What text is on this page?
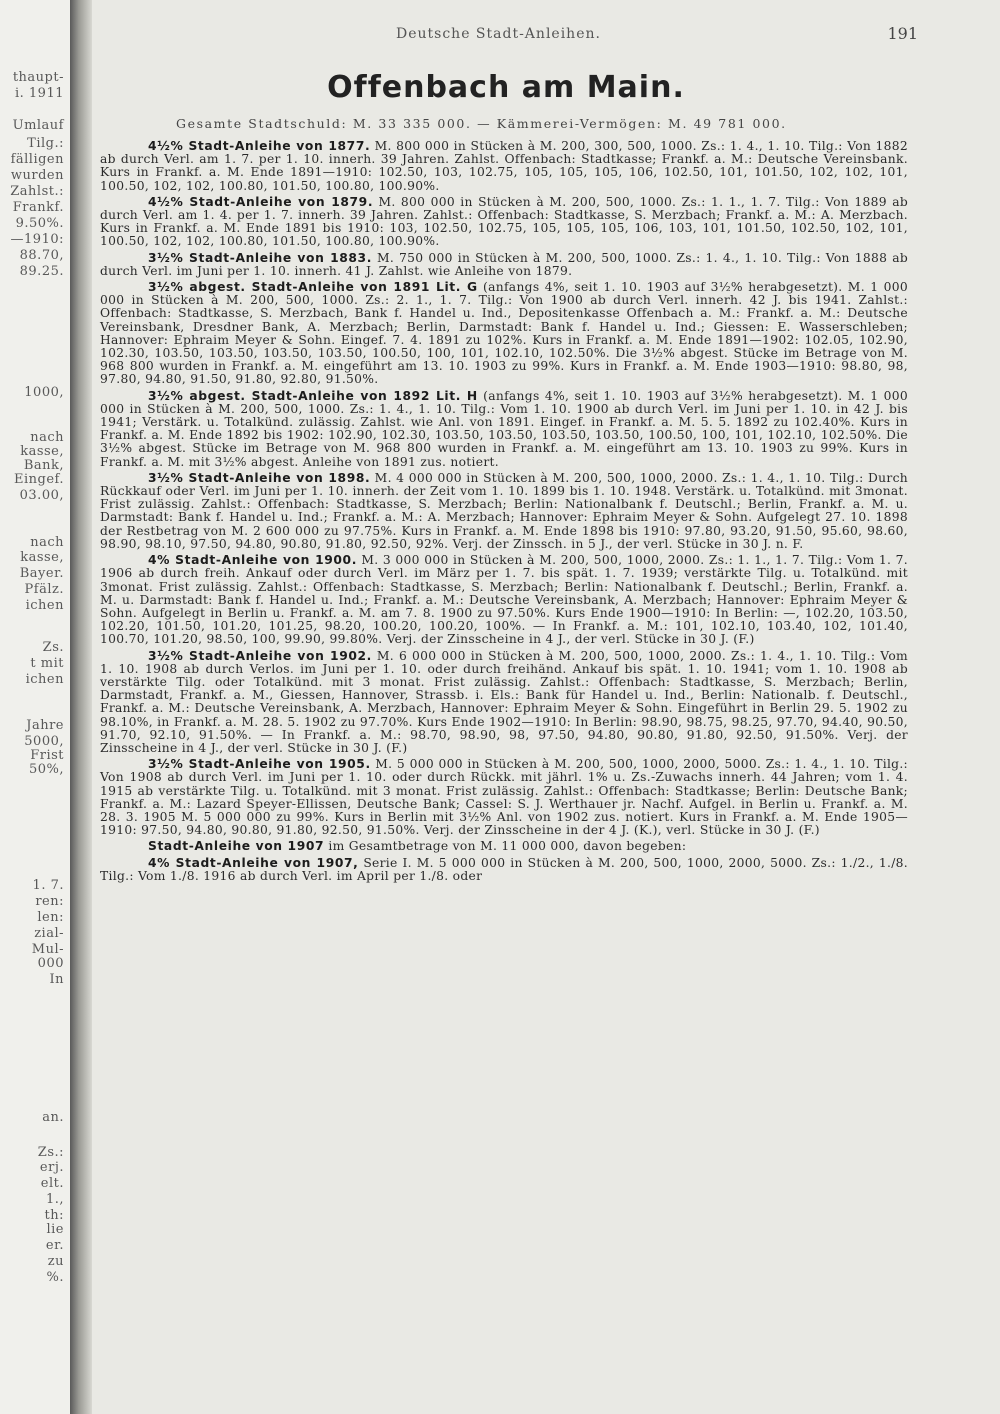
thaupt-
i. 1911
Umlauf
Tilg.:
fälligen
wurden
Zahlst.:
Frankf.
9.50%.
—1910:
88.70,
89.25.
1000,
nach
kasse,
Bank,
Eingef.
03.00,
nach
kasse,
Bayer.
Pfälz.
ichen
Zs.
t mit
ichen
Jahre
5000,
Frist
50%,
1. 7.
ren:
len:
zial-
Mul-
000
In
an.
Zs.:
erj.
elt.
1.,
th:
lie
er.
zu
%.
Deutsche Stadt-Anleihen.	191
Offenbach am Main.
Gesamte Stadtschuld: M. 33 335 000. — Kämmerei-Vermögen: M. 49 781 000.

4½% Stadt-Anleihe von 1877. M. 800 000 in Stücken à M. 200, 300, 500, 1000. Zs.: 1. 4., 1. 10. Tilg.: Von 1882 ab durch Verl. am 1. 7. per 1. 10. innerh. 39 Jahren. Zahlst. Offenbach: Stadtkasse; Frankf. a. M.: Deutsche Vereinsbank. Kurs in Frankf. a. M. Ende 1891—1910: 102.50, 103, 102.75, 105, 105, 105, 106, 102.50, 101, 101.50, 102, 102, 101, 100.50, 102, 102, 100.80, 101.50, 100.80, 100.90%.

4½% Stadt-Anleihe von 1879. M. 800 000 in Stücken à M. 200, 500, 1000. Zs.: 1. 1., 1. 7. Tilg.: Von 1889 ab durch Verl. am 1. 4. per 1. 7. innerh. 39 Jahren. Zahlst.: Offenbach: Stadtkasse, S. Merzbach; Frankf. a. M.: A. Merzbach. Kurs in Frankf. a. M. Ende 1891 bis 1910: 103, 102.50, 102.75, 105, 105, 105, 106, 103, 101, 101.50, 102.50, 102, 101, 100.50, 102, 102, 100.80, 101.50, 100.80, 100.90%.

3½% Stadt-Anleihe von 1883. M. 750 000 in Stücken à M. 200, 500, 1000. Zs.: 1. 4., 1. 10. Tilg.: Von 1888 ab durch Verl. im Juni per 1. 10. innerh. 41 J. Zahlst. wie Anleihe von 1879.

3½% abgest. Stadt-Anleihe von 1891 Lit. G (anfangs 4%, seit 1. 10. 1903 auf 3½% herabgesetzt). M. 1 000 000 in Stücken à M. 200, 500, 1000. Zs.: 2. 1., 1. 7. Tilg.: Von 1900 ab durch Verl. innerh. 42 J. bis 1941. Zahlst.: Offenbach: Stadtkasse, S. Merzbach, Bank f. Handel u. Ind., Depositenkasse Offenbach a. M.: Frankf. a. M.: Deutsche Vereinsbank, Dresdner Bank, A. Merzbach; Berlin, Darmstadt: Bank f. Handel u. Ind.; Giessen: E. Wasserschleben; Hannover: Ephraim Meyer & Sohn. Eingef. 7. 4. 1891 zu 102%. Kurs in Frankf. a. M. Ende 1891—1902: 102.05, 102.90, 102.30, 103.50, 103.50, 103.50, 103.50, 100.50, 100, 101, 102.10, 102.50%. Die 3½% abgest. Stücke im Betrage von M. 968 800 wurden in Frankf. a. M. eingeführt am 13. 10. 1903 zu 99%. Kurs in Frankf. a. M. Ende 1903—1910: 98.80, 98, 97.80, 94.80, 91.50, 91.80, 92.80, 91.50%.

3½% abgest. Stadt-Anleihe von 1892 Lit. H (anfangs 4%, seit 1. 10. 1903 auf 3½% herabgesetzt). M. 1 000 000 in Stücken à M. 200, 500, 1000. Zs.: 1. 4., 1. 10. Tilg.: Vom 1. 10. 1900 ab durch Verl. im Juni per 1. 10. in 42 J. bis 1941; Verstärk. u. Totalkünd. zulässig. Zahlst. wie Anl. von 1891. Eingef. in Frankf. a. M. 5. 5. 1892 zu 102.40%. Kurs in Frankf. a. M. Ende 1892 bis 1902: 102.90, 102.30, 103.50, 103.50, 103.50, 103.50, 100.50, 100, 101, 102.10, 102.50%. Die 3½% abgest. Stücke im Betrage von M. 968 800 wurden in Frankf. a. M. eingeführt am 13. 10. 1903 zu 99%. Kurs in Frankf. a. M. mit 3½% abgest. Anleihe von 1891 zus. notiert.

3½% Stadt-Anleihe von 1898. M. 4 000 000 in Stücken à M. 200, 500, 1000, 2000. Zs.: 1. 4., 1. 10. Tilg.: Durch Rückkauf oder Verl. im Juni per 1. 10. innerh. der Zeit vom 1. 10. 1899 bis 1. 10. 1948. Verstärk. u. Totalkünd. mit 3monat. Frist zulässig. Zahlst.: Offenbach: Stadtkasse, S. Merzbach; Berlin: Nationalbank f. Deutschl.; Berlin, Frankf. a. M. u. Darmstadt: Bank f. Handel u. Ind.; Frankf. a. M.: A. Merzbach; Hannover: Ephraim Meyer & Sohn. Aufgelegt 27. 10. 1898 der Restbetrag von M. 2 600 000 zu 97.75%. Kurs in Frankf. a. M. Ende 1898 bis 1910: 97.80, 93.20, 91.50, 95.60, 98.60, 98.90, 98.10, 97.50, 94.80, 90.80, 91.80, 92.50, 92%. Verj. der Zinssch. in 5 J., der verl. Stücke in 30 J. n. F.

4% Stadt-Anleihe von 1900. M. 3 000 000 in Stücken à M. 200, 500, 1000, 2000. Zs.: 1. 1., 1. 7. Tilg.: Vom 1. 7. 1906 ab durch freih. Ankauf oder durch Verl. im März per 1. 7. bis spät. 1. 7. 1939; verstärkte Tilg. u. Totalkünd. mit 3monat. Frist zulässig. Zahlst.: Offenbach: Stadtkasse, S. Merzbach; Berlin: Nationalbank f. Deutschl.; Berlin, Frankf. a. M. u. Darmstadt: Bank f. Handel u. Ind.; Frankf. a. M.: Deutsche Vereinsbank, A. Merzbach; Hannover: Ephraim Meyer & Sohn. Aufgelegt in Berlin u. Frankf. a. M. am 7. 8. 1900 zu 97.50%. Kurs Ende 1900—1910: In Berlin: —, 102.20, 103.50, 102.20, 101.50, 101.20, 101.25, 98.20, 100.20, 100.20, 100%. — In Frankf. a. M.: 101, 102.10, 103.40, 102, 101.40, 100.70, 101.20, 98.50, 100, 99.90, 99.80%. Verj. der Zinsscheine in 4 J., der verl. Stücke in 30 J. (F.)

3½% Stadt-Anleihe von 1902. M. 6 000 000 in Stücken à M. 200, 500, 1000, 2000. Zs.: 1. 4., 1. 10. Tilg.: Vom 1. 10. 1908 ab durch Verlos. im Juni per 1. 10. oder durch freihänd. Ankauf bis spät. 1. 10. 1941; vom 1. 10. 1908 ab verstärkte Tilg. oder Totalkünd. mit 3 monat. Frist zulässig. Zahlst.: Offenbach: Stadtkasse, S. Merzbach; Berlin, Darmstadt, Frankf. a. M., Giessen, Hannover, Strassb. i. Els.: Bank für Handel u. Ind., Berlin: Nationalb. f. Deutschl., Frankf. a. M.: Deutsche Vereinsbank, A. Merzbach, Hannover: Ephraim Meyer & Sohn. Eingeführt in Berlin 29. 5. 1902 zu 98.10%, in Frankf. a. M. 28. 5. 1902 zu 97.70%. Kurs Ende 1902—1910: In Berlin: 98.90, 98.75, 98.25, 97.70, 94.40, 90.50, 91.70, 92.10, 91.50%. — In Frankf. a. M.: 98.70, 98.90, 98, 97.50, 94.80, 90.80, 91.80, 92.50, 91.50%. Verj. der Zinsscheine in 4 J., der verl. Stücke in 30 J. (F.)

3½% Stadt-Anleihe von 1905. M. 5 000 000 in Stücken à M. 200, 500, 1000, 2000, 5000. Zs.: 1. 4., 1. 10. Tilg.: Von 1908 ab durch Verl. im Juni per 1. 10. oder durch Rückk. mit jährl. 1% u. Zs.-Zuwachs innerh. 44 Jahren; vom 1. 4. 1915 ab verstärkte Tilg. u. Totalkünd. mit 3 monat. Frist zulässig. Zahlst.: Offenbach: Stadtkasse; Berlin: Deutsche Bank; Frankf. a. M.: Lazard Speyer-Ellissen, Deutsche Bank; Cassel: S. J. Werthauer jr. Nachf. Aufgel. in Berlin u. Frankf. a. M. 28. 3. 1905 M. 5 000 000 zu 99%. Kurs in Berlin mit 3½% Anl. von 1902 zus. notiert. Kurs in Frankf. a. M. Ende 1905—1910: 97.50, 94.80, 90.80, 91.80, 92.50, 91.50%. Verj. der Zinsscheine in der 4 J. (K.), verl. Stücke in 30 J. (F.)

Stadt-Anleihe von 1907 im Gesamtbetrage von M. 11 000 000, davon begeben:

4% Stadt-Anleihe von 1907, Serie I. M. 5 000 000 in Stücken à M. 200, 500, 1000, 2000, 5000. Zs.: 1./2., 1./8. Tilg.: Vom 1./8. 1916 ab durch Verl. im April per 1./8. oder
